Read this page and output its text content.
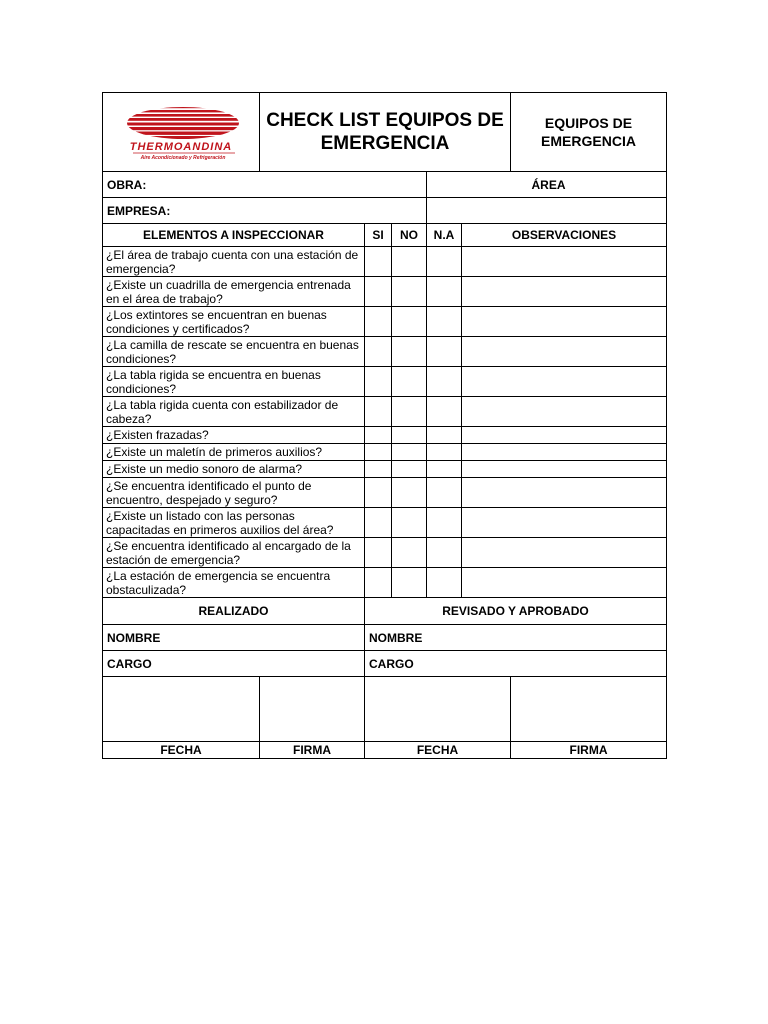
THERMOANDINA
Aire Acondicionado y Refrigeración	CHECK LIST EQUIPOS DE EMERGENCIA					EQUIPOS DE EMERGENCIA
OBRA:				ÁREA		
EMPRESA:						
ELEMENTOS A INSPECCIONAR		SI	NO	N.A	OBSERVACIONES	
¿El área de trabajo cuenta con una estación de emergencia?						
¿Existe un cuadrilla de emergencia entrenada en el área de trabajo?						
¿Los extintores se encuentran en buenas condiciones y certificados?						
¿La camilla de rescate se encuentra en buenas condiciones?						
¿La tabla rigida se encuentra en buenas condiciones?						
¿La tabla rigida cuenta con estabilizador de cabeza?						
¿Existen frazadas?						
¿Existe un maletín de primeros auxilios?						
¿Existe un medio sonoro de alarma?						
¿Se encuentra identificado el punto de encuentro, despejado y seguro?						
¿Existe un listado con las personas capacitadas en primeros auxilios del área?						
¿Se encuentra identificado al encargado de la estación de emergencia?						
¿La estación de emergencia se encuentra obstaculizada?						
REALIZADO		REVISADO Y APROBADO				
NOMBRE		NOMBRE				
CARGO		CARGO				

FECHA	FIRMA	FECHA				FIRMA
